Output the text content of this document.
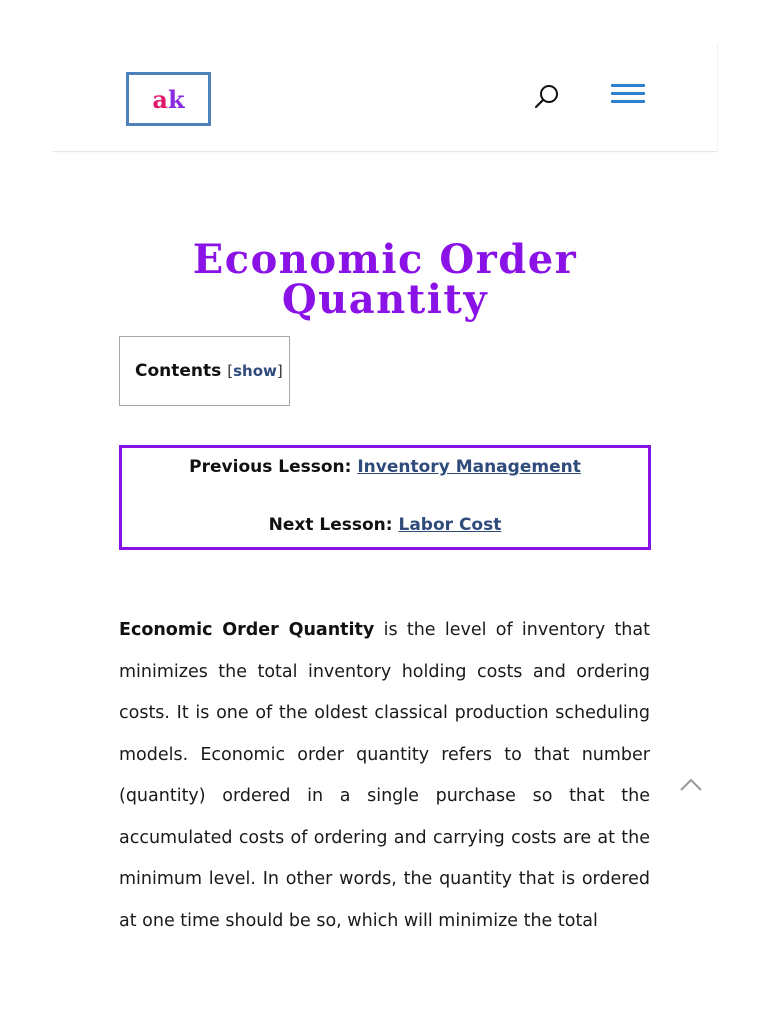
a k
Economic Order
Quantity
Contents [show]
Previous Lesson: Inventory Management
Next Lesson: Labor Cost

Economic Order Quantity is the level of inventory that minimizes the total inventory holding costs and ordering costs. It is one of the oldest classical production scheduling models. Economic order quantity refers to that number (quantity) ordered in a single purchase so that the accumulated costs of ordering and carrying costs are at the minimum level. In other words, the quantity that is ordered at one time should be so, which will minimize the total
